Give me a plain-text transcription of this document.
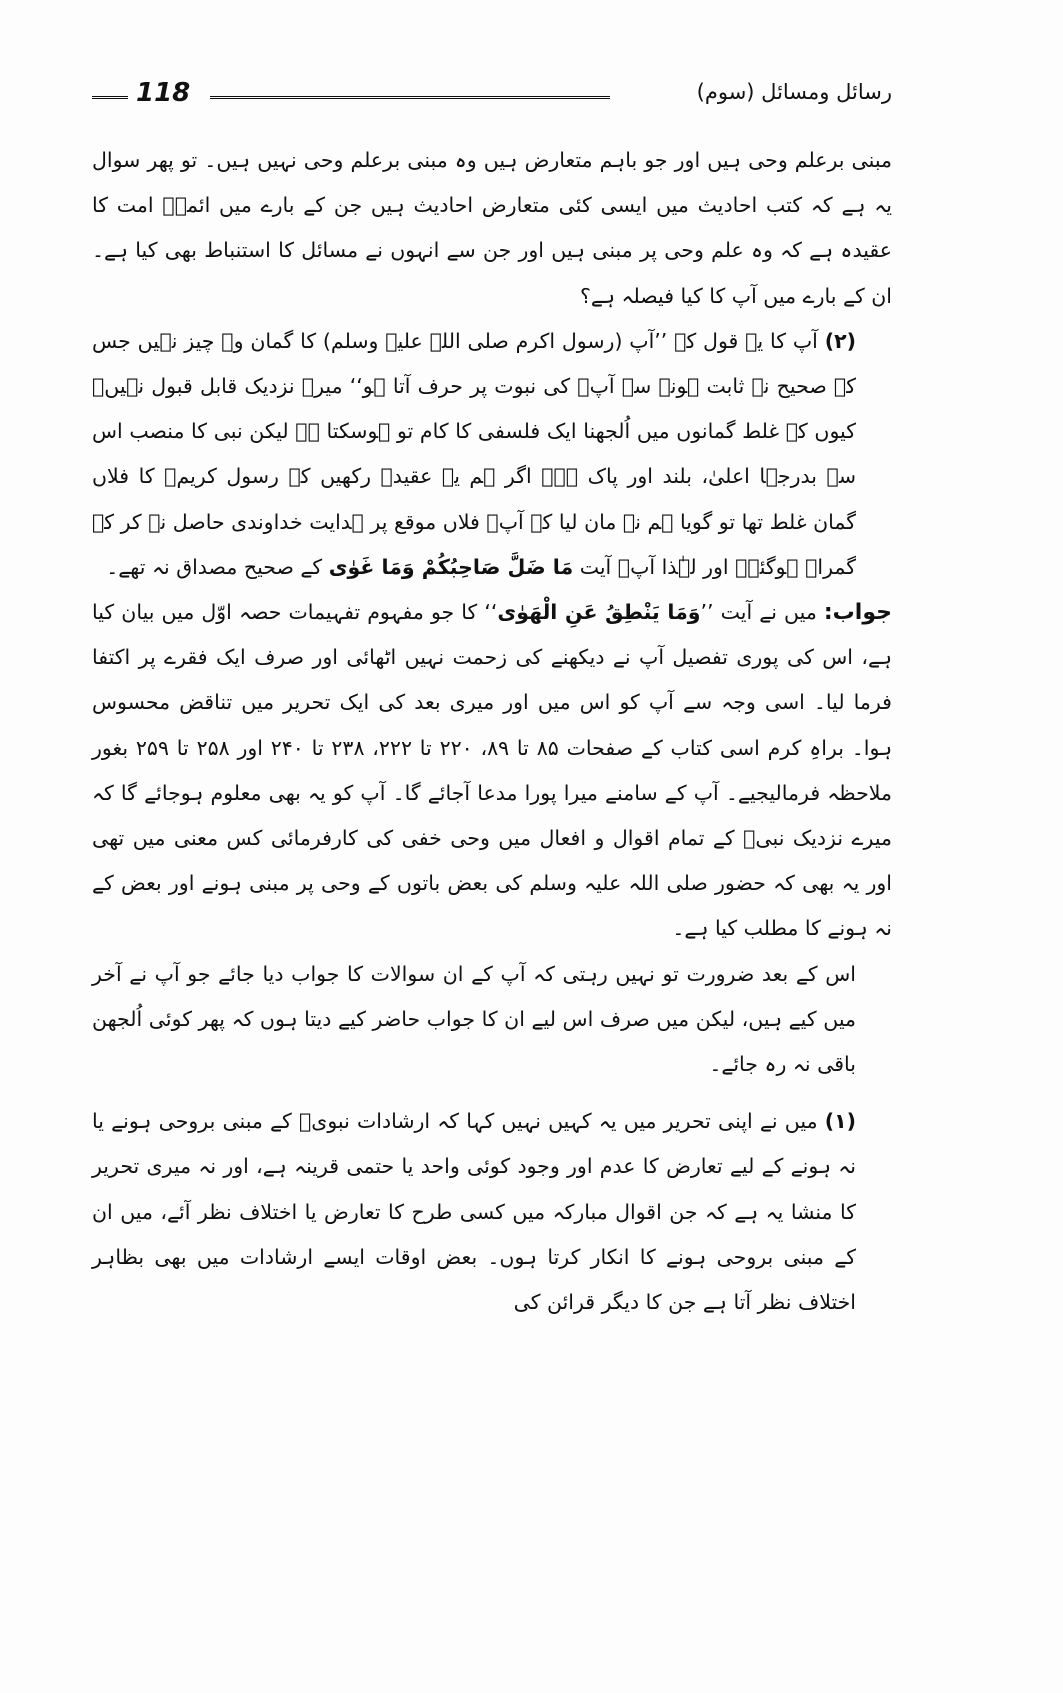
118	رسائل ومسائل (سوم)

مبنی برعلم وحی ہیں اور جو باہم متعارض ہیں وہ مبنی برعلم وحی نہیں ہیں۔ تو پھر سوال یہ ہے کہ کتب احادیث میں ایسی کئی متعارض احادیث ہیں جن کے بارے میں ائمہؒ امت کا عقیدہ ہے کہ وہ علم وحی پر مبنی ہیں اور جن سے انہوں نے مسائل کا استنباط بھی کیا ہے۔ ان کے بارے میں آپ کا کیا فیصلہ ہے؟

(۲) آپ کا یہ قول کہ ’’آپ (رسول اکرم صلی اللہ علیہ وسلم) کا گمان وہ چیز نہیں جس کے صحیح نہ ثابت ہونے سے آپؐ کی نبوت پر حرف آتا ہو‘‘ میرے نزدیک قابل قبول نہیں۔ کیوں کہ غلط گمانوں میں اُلجھنا ایک فلسفی کا کام تو ہوسکتا ہے لیکن نبی کا منصب اس سے بدرجہا اعلیٰ، بلند اور پاک ہے۔ اگر ہم یہ عقیدہ رکھیں کہ رسول کریمؐ کا فلاں گمان غلط تھا تو گویا ہم نے مان لیا کہ آپؐ فلاں موقع پر ہدایت خداوندی حاصل نہ کر کے گمراہ ہوگئے۔ اور لہٰذا آپؐ آیت مَا ضَلَّ صَاحِبُكُمْ وَمَا غَوٰى کے صحیح مصداق نہ تھے۔

جواب: میں نے آیت ’’وَمَا يَنْطِقُ عَنِ الْهَوٰى‘‘ کا جو مفہوم تفہیمات حصہ اوّل میں بیان کیا ہے، اس کی پوری تفصیل آپ نے دیکھنے کی زحمت نہیں اٹھائی اور صرف ایک فقرے پر اکتفا فرما لیا۔ اسی وجہ سے آپ کو اس میں اور میری بعد کی ایک تحریر میں تناقض محسوس ہوا۔ براہِ کرم اسی کتاب کے صفحات ۸۵ تا ۸۹، ۲۲۰ تا ۲۲۲، ۲۳۸ تا ۲۴۰ اور ۲۵۸ تا ۲۵۹ بغور ملاحظہ فرمالیجیے۔ آپ کے سامنے میرا پورا مدعا آجائے گا۔ آپ کو یہ بھی معلوم ہوجائے گا کہ میرے نزدیک نبیؐ کے تمام اقوال و افعال میں وحی خفی کی کارفرمائی کس معنی میں تھی اور یہ بھی کہ حضور صلی اللہ علیہ وسلم کی بعض باتوں کے وحی پر مبنی ہونے اور بعض کے نہ ہونے کا مطلب کیا ہے۔

اس کے بعد ضرورت تو نہیں رہتی کہ آپ کے ان سوالات کا جواب دیا جائے جو آپ نے آخر میں کیے ہیں، لیکن میں صرف اس لیے ان کا جواب حاضر کیے دیتا ہوں کہ پھر کوئی اُلجھن باقی نہ رہ جائے۔

(۱) میں نے اپنی تحریر میں یہ کہیں نہیں کہا کہ ارشادات نبویؐ کے مبنی بروحی ہونے یا نہ ہونے کے لیے تعارض کا عدم اور وجود کوئی واحد یا حتمی قرینہ ہے، اور نہ میری تحریر کا منشا یہ ہے کہ جن اقوال مبارکہ میں کسی طرح کا تعارض یا اختلاف نظر آئے، میں ان کے مبنی بروحی ہونے کا انکار کرتا ہوں۔ بعض اوقات ایسے ارشادات میں بھی بظاہر اختلاف نظر آتا ہے جن کا دیگر قرائن کی
